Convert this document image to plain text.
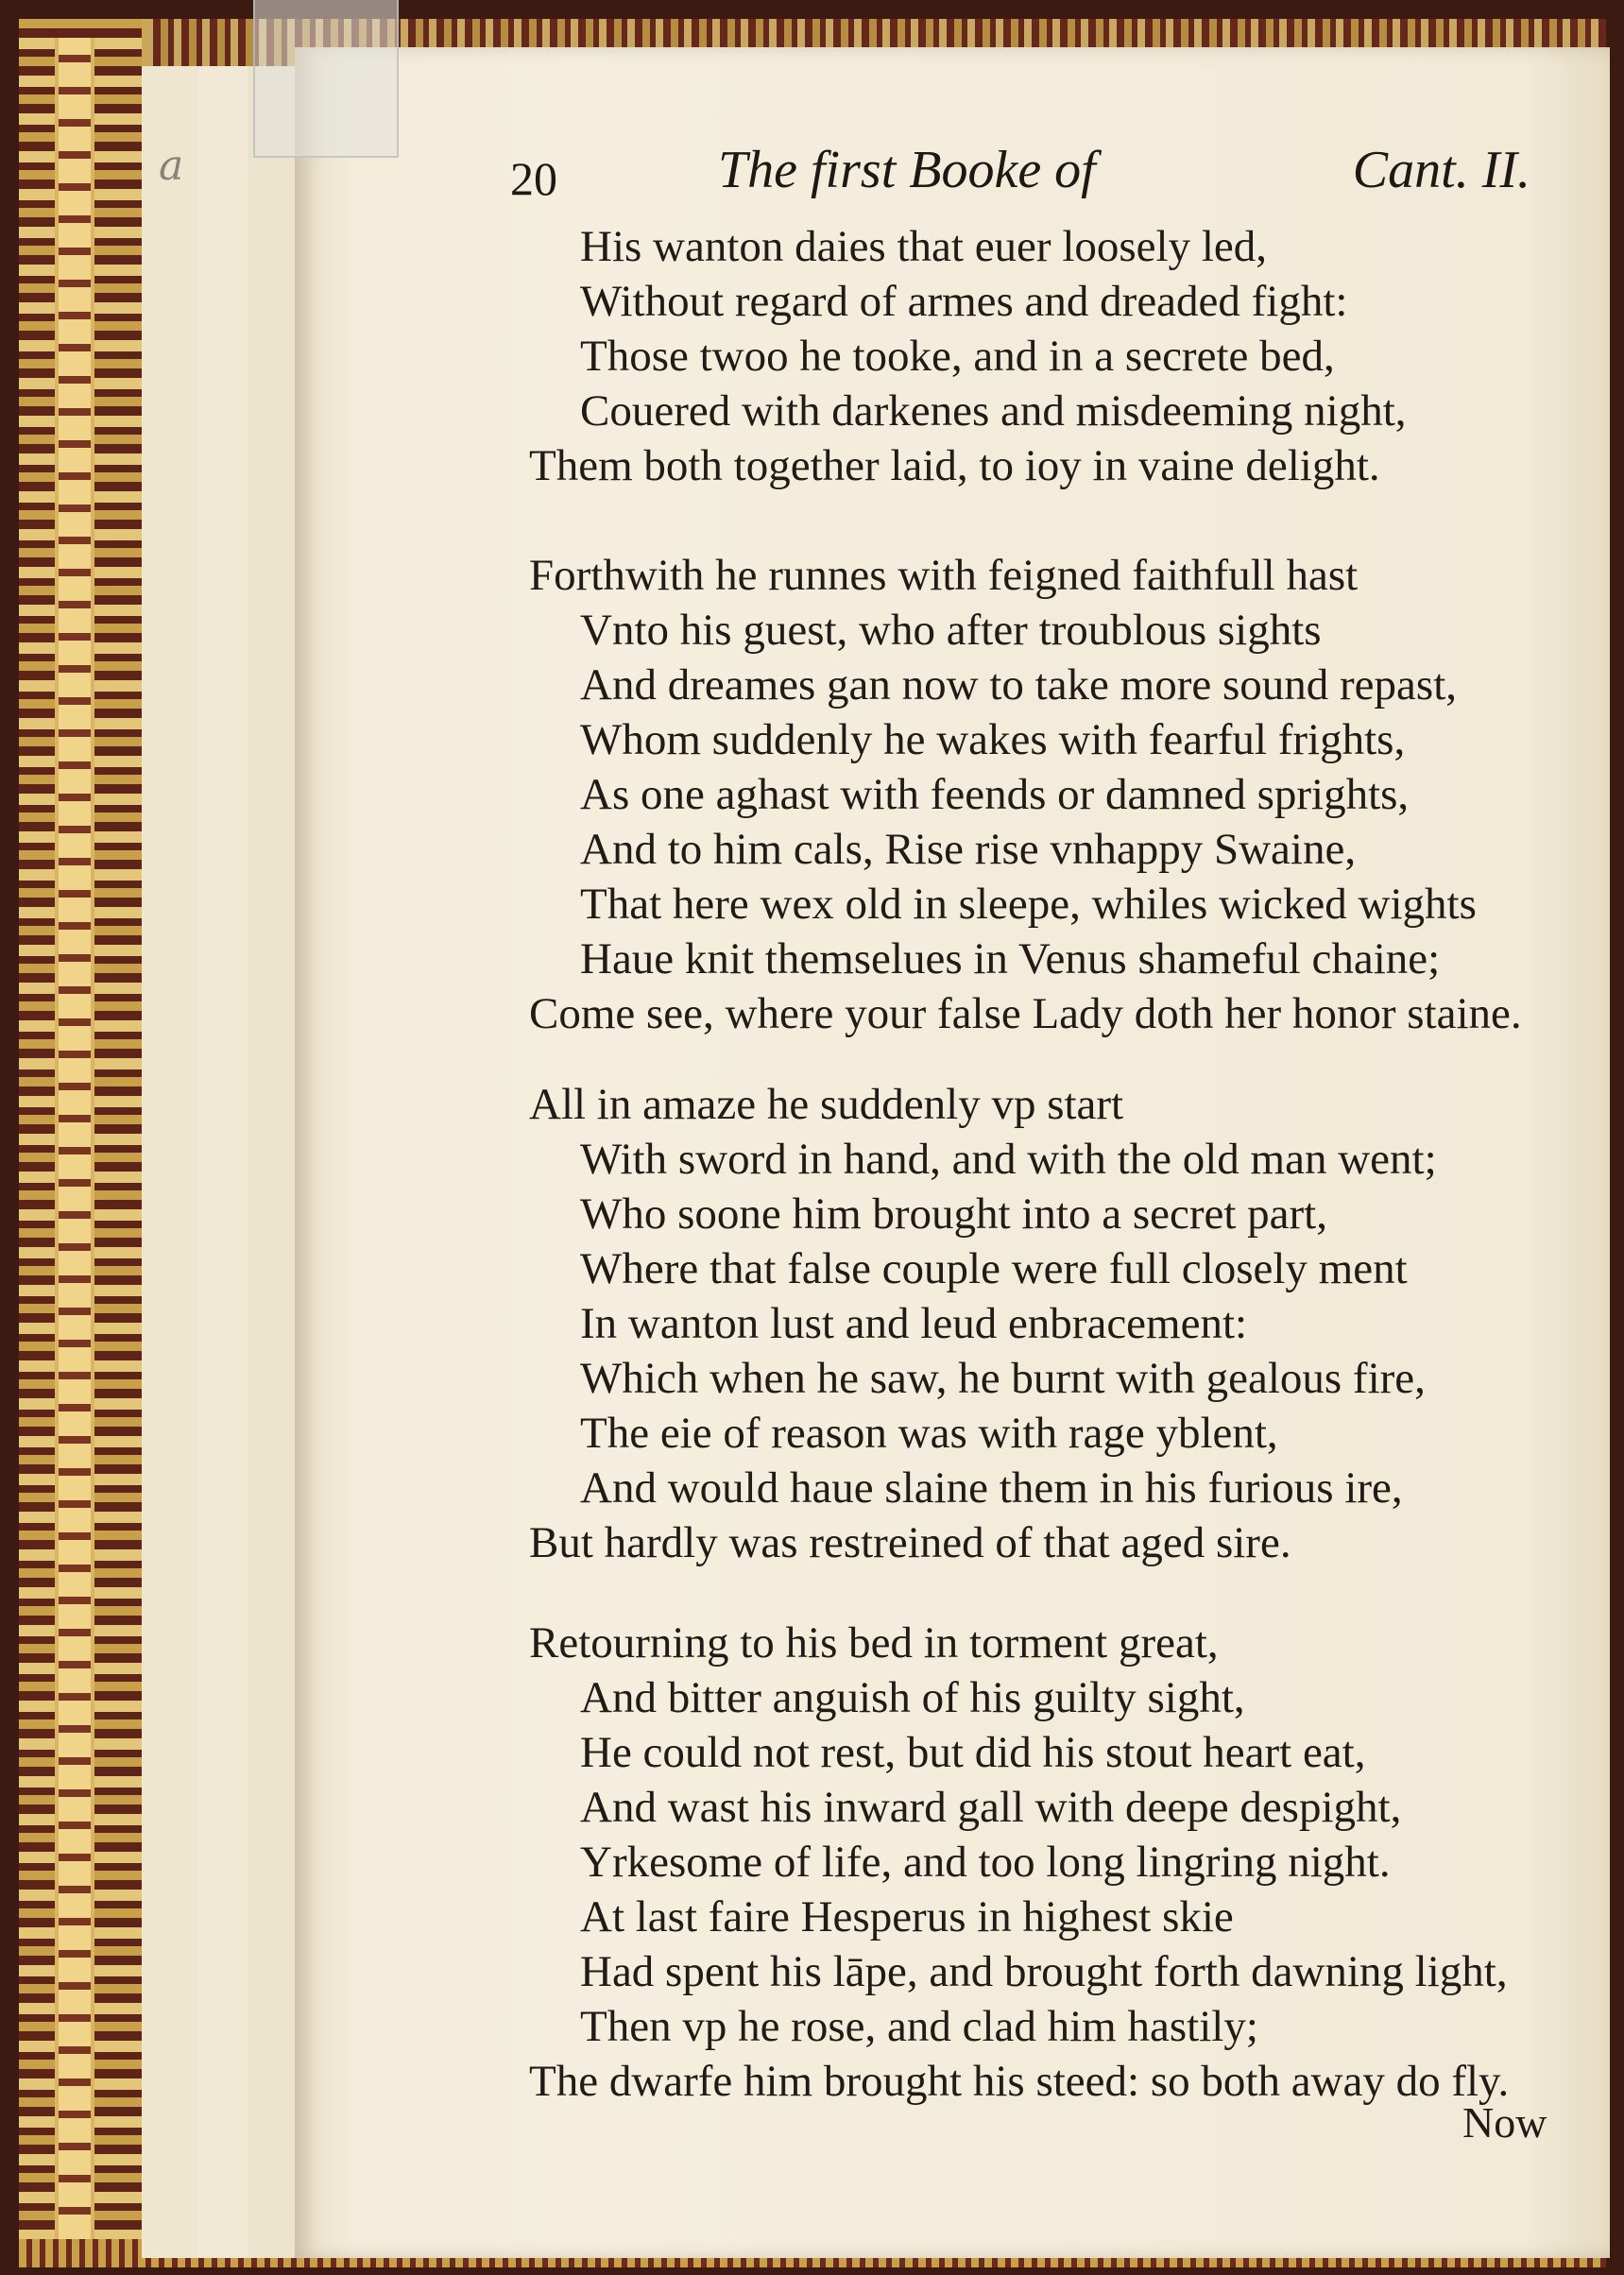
a	20	The first Booke of	Cant. II.
His wanton daies that euer loosely led,
Without regard of armes and dreaded fight:
Those twoo he tooke, and in a secrete bed,
Couered with darkenes and misdeeming night,
Them both together laid, to ioy in vaine delight.
Forthwith he runnes with feigned faithfull hast
Vnto his guest, who after troublous sights
And dreames gan now to take more sound repast,
Whom suddenly he wakes with fearful frights,
As one aghast with feends or damned sprights,
And to him cals, Rise rise vnhappy Swaine,
That here wex old in sleepe, whiles wicked wights
Haue knit themselues in Venus shameful chaine;
Come see, where your false Lady doth her honor staine.
All in amaze he suddenly vp start
With sword in hand, and with the old man went;
Who soone him brought into a secret part,
Where that false couple were full closely ment
In wanton lust and leud enbracement:
Which when he saw, he burnt with gealous fire,
The eie of reason was with rage yblent,
And would haue slaine them in his furious ire,
But hardly was restreined of that aged sire.
Retourning to his bed in torment great,
And bitter anguish of his guilty sight,
He could not rest, but did his stout heart eat,
And wast his inward gall with deepe despight,
Yrkesome of life, and too long lingring night.
At last faire Hesperus in highest skie
Had spent his lāpe, and brought forth dawning light,
Then vp he rose, and clad him hastily;
The dwarfe him brought his steed: so both away do fly.
Now
